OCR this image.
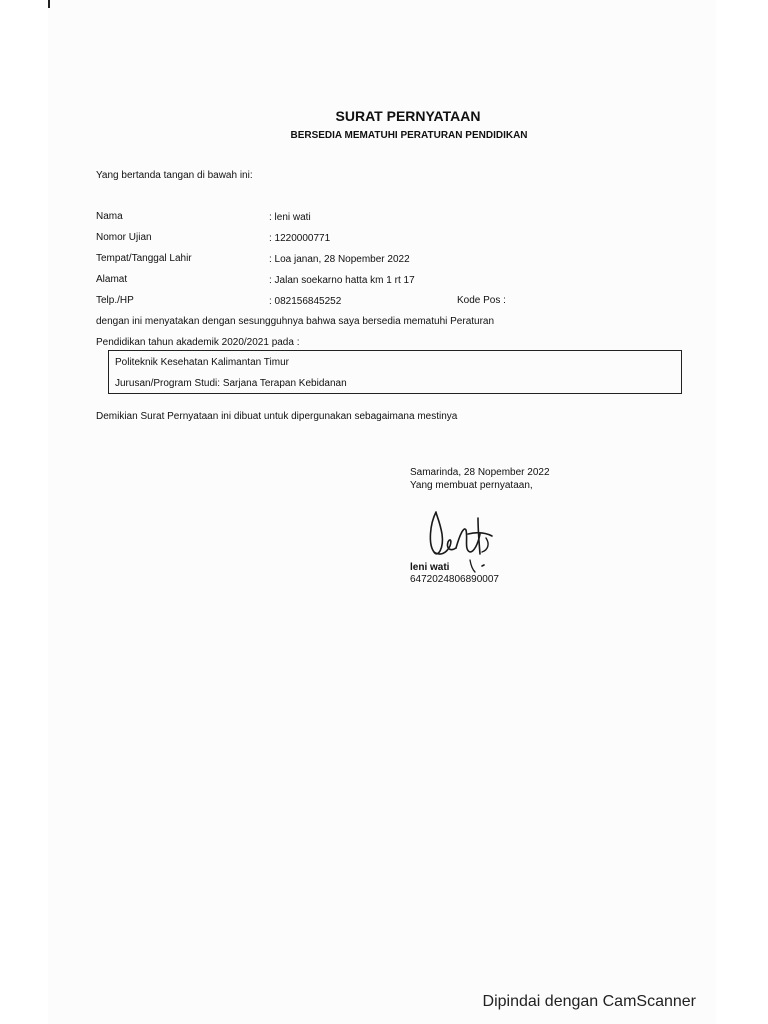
SURAT PERNYATAAN
BERSEDIA MEMATUHI PERATURAN PENDIDIKAN
Yang bertanda tangan di bawah ini:
Nama	: leni wati
Nomor Ujian	: 1220000771
Tempat/Tanggal Lahir	: Loa janan, 28 Nopember 2022
Alamat	: Jalan soekarno hatta km 1 rt 17
Telp./HP	: 082156845252	Kode Pos :
dengan ini menyatakan dengan sesungguhnya bahwa saya bersedia mematuhi Peraturan
Pendidikan tahun akademik 2020/2021 pada :
Politeknik Kesehatan Kalimantan Timur
Jurusan/Program Studi: Sarjana Terapan Kebidanan
Demikian Surat Pernyataan ini dibuat untuk dipergunakan sebagaimana mestinya
Samarinda, 28 Nopember 2022
Yang membuat pernyataan,
leni wati
6472024806890007
Dipindai dengan CamScanner
